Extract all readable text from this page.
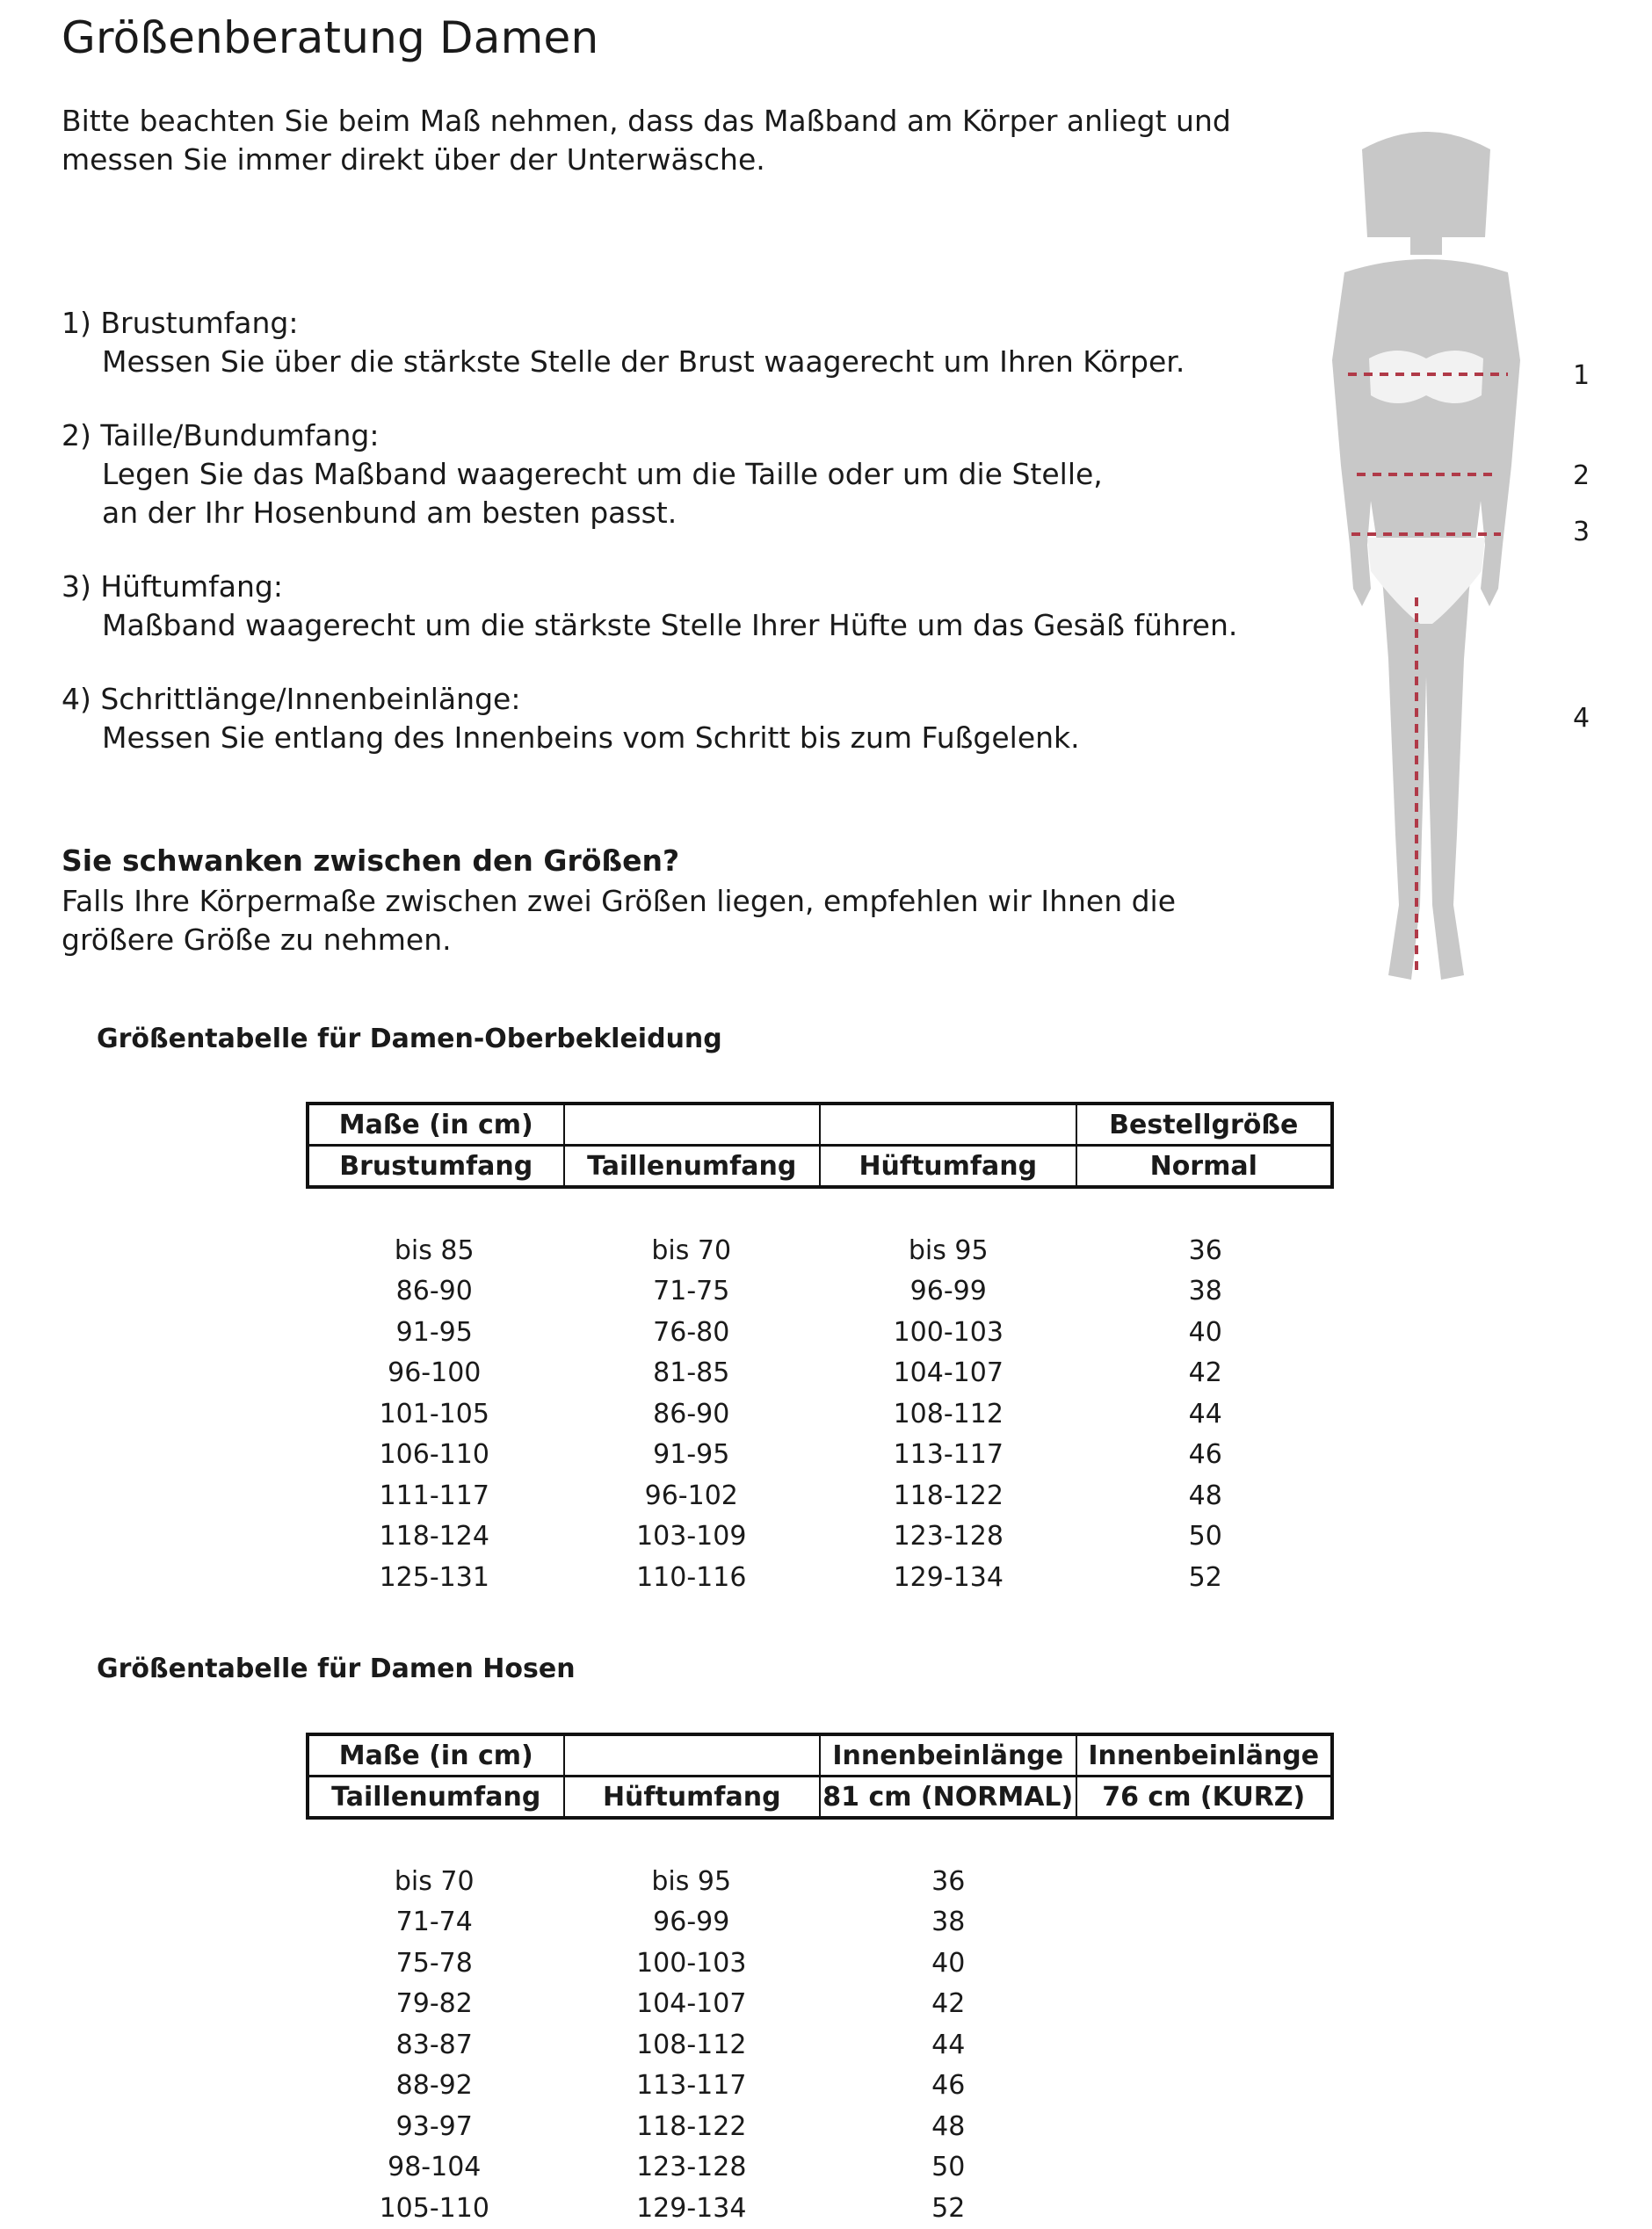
Größenberatung Damen
Bitte beachten Sie beim Maß nehmen, dass das Maßband am Körper anliegt und
messen Sie immer direkt über der Unterwäsche.
1) Brustumfang:
Messen Sie über die stärkste Stelle der Brust waagerecht um Ihren Körper.
2) Taille/Bundumfang:
Legen Sie das Maßband waagerecht um die Taille oder um die Stelle,
an der Ihr Hosenbund am besten passt.
3) Hüftumfang:
Maßband waagerecht um die stärkste Stelle Ihrer Hüfte um das Gesäß führen.
4) Schrittlänge/Innenbeinlänge:
Messen Sie entlang des Innenbeins vom Schritt bis zum Fußgelenk.
Sie schwanken zwischen den Größen?
Falls Ihre Körpermaße zwischen zwei Größen liegen, empfehlen wir Ihnen die
größere Größe zu nehmen.
1
2
3
4
Größentabelle für Damen-Oberbekleidung
Maße (in cm)			Bestellgröße
Brustumfang	Taillenumfang	Hüftumfang	Normal
bis 85	bis 70	bis 95	36
86-90	71-75	96-99	38
91-95	76-80	100-103	40
96-100	81-85	104-107	42
101-105	86-90	108-112	44
106-110	91-95	113-117	46
111-117	96-102	118-122	48
118-124	103-109	123-128	50
125-131	110-116	129-134	52
Größentabelle für Damen Hosen
Maße (in cm)		Innenbeinlänge	Innenbeinlänge
Taillenumfang	Hüftumfang	81 cm (NORMAL)	76 cm (KURZ)
bis 70	bis 95	36
71-74	96-99	38
75-78	100-103	40
79-82	104-107	42
83-87	108-112	44
88-92	113-117	46
93-97	118-122	48
98-104	123-128	50
105-110	129-134	52
